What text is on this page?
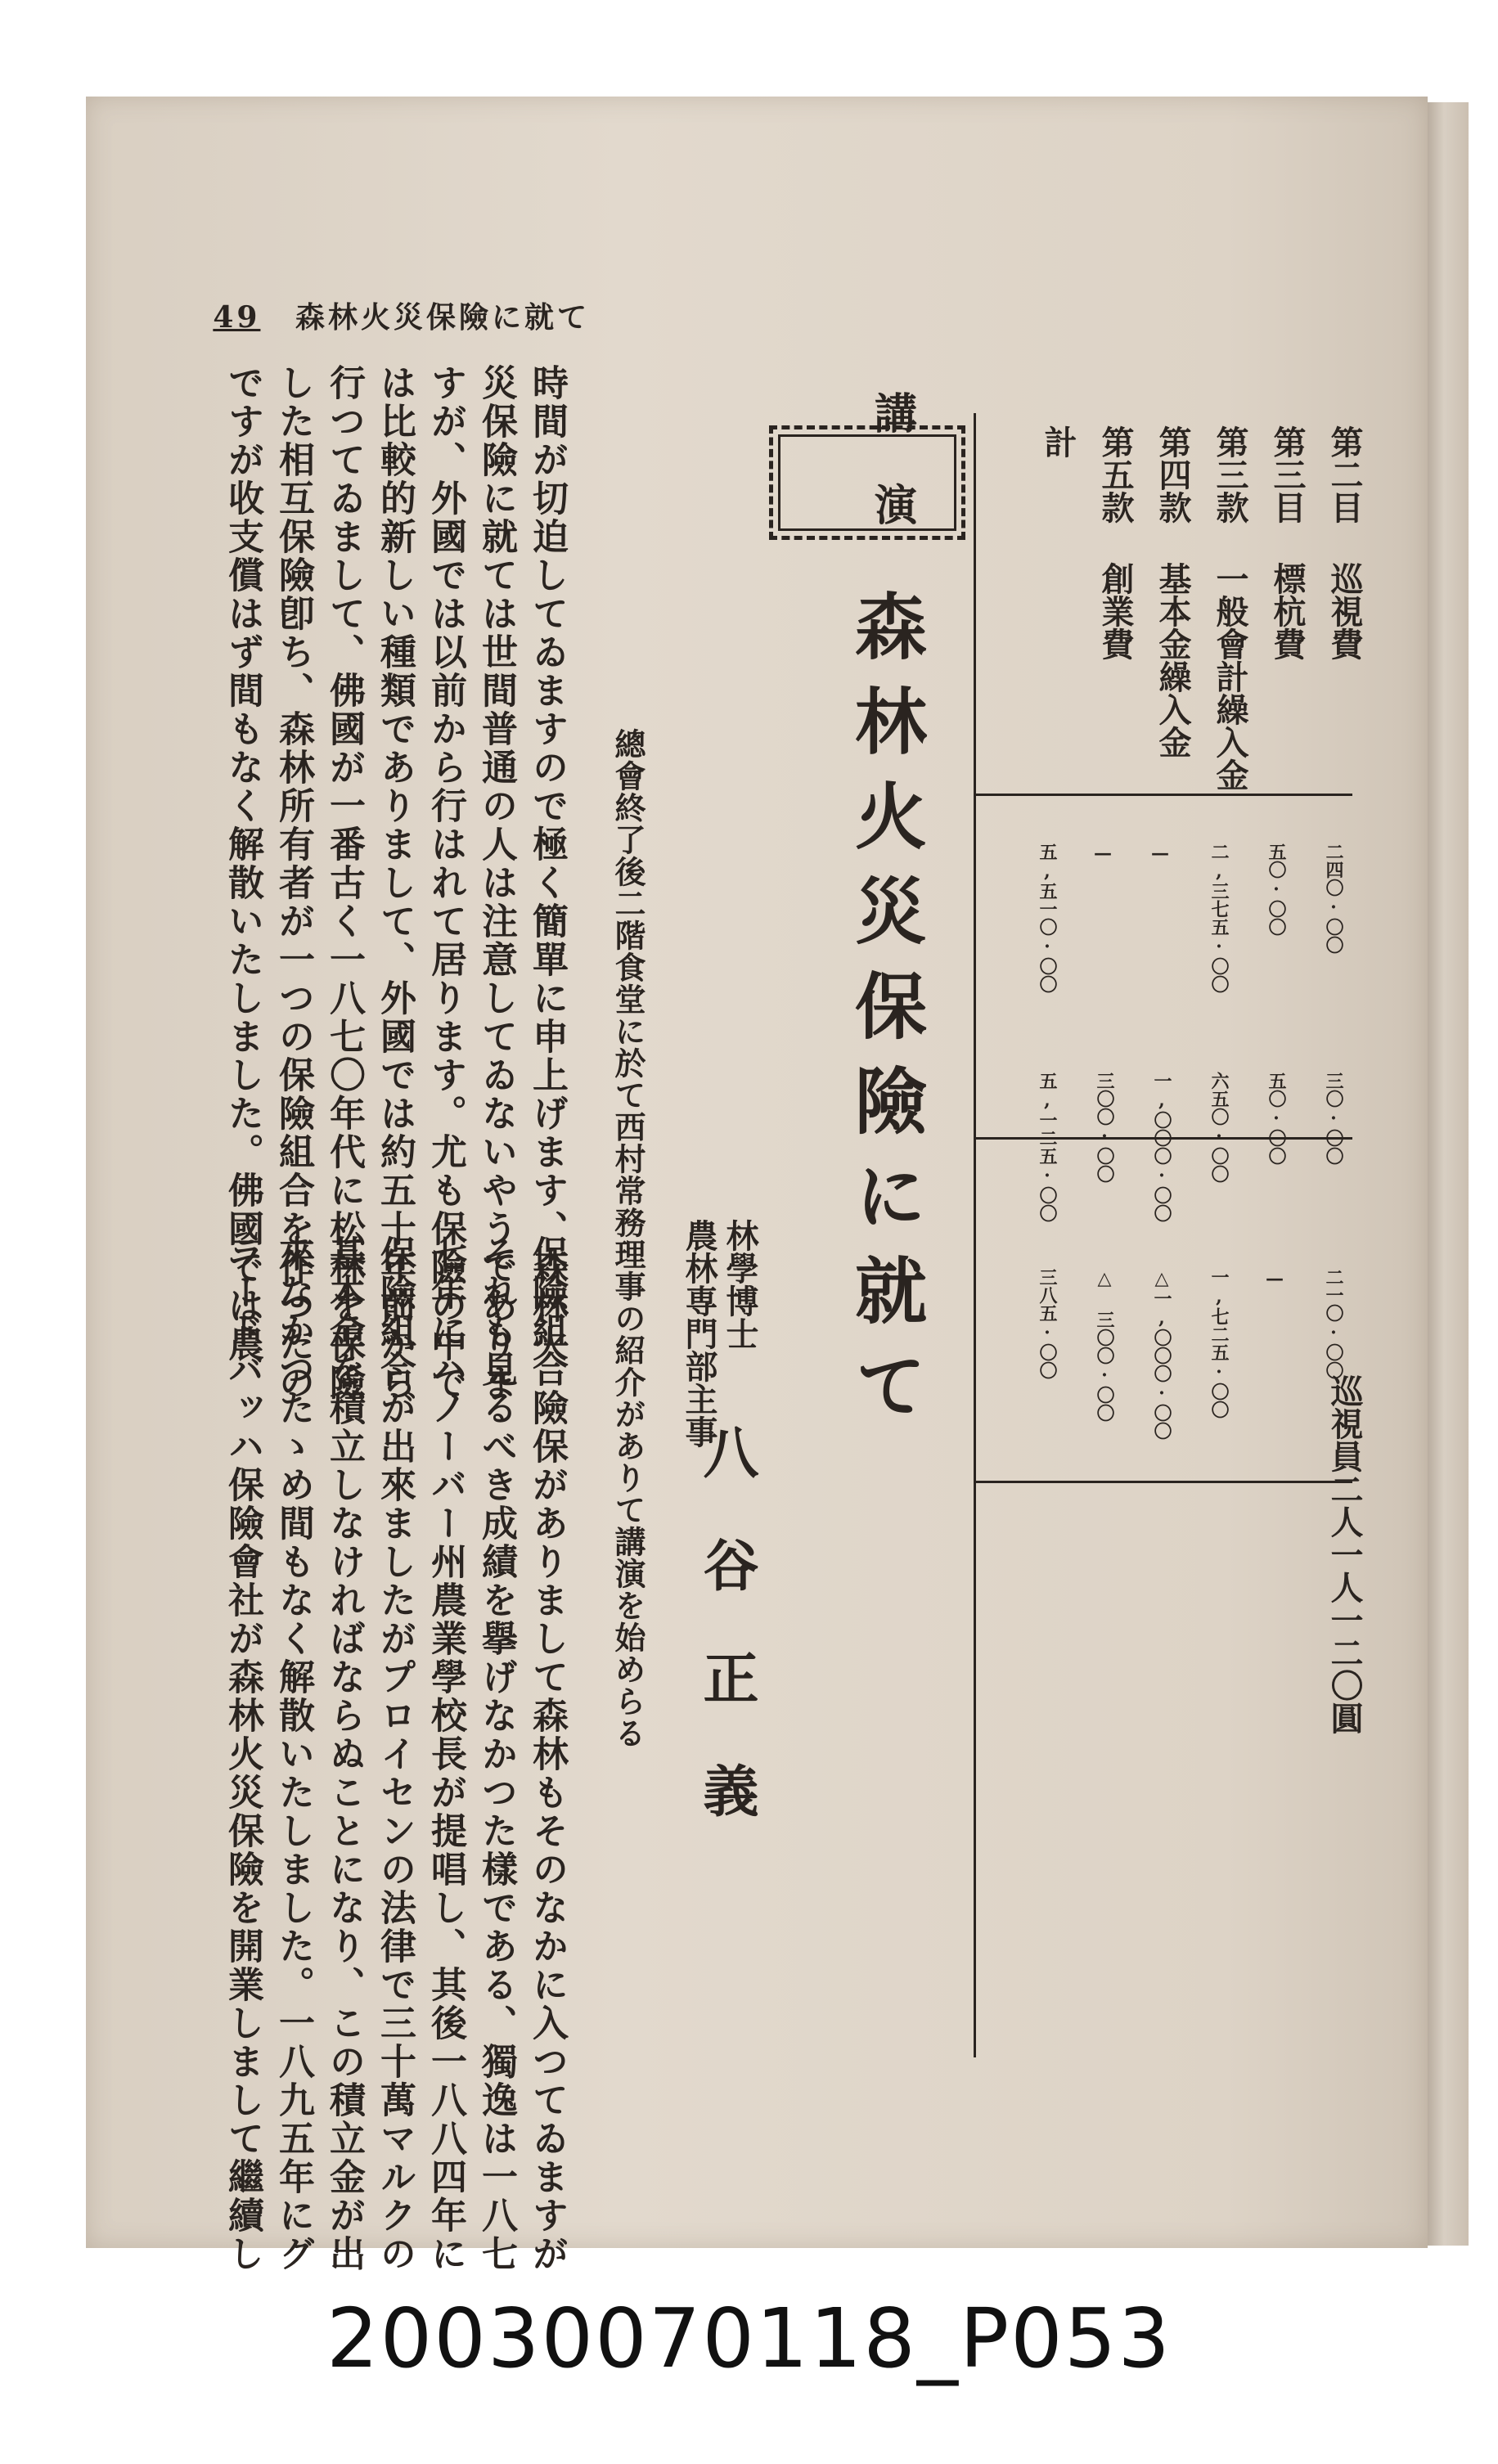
49 森林火災保險に就て
第二目 巡視費
二四〇·〇〇
三〇·〇〇
二一〇·〇〇
巡視員二人一人一二〇圓
第三目 標杭費
五〇·〇〇
五〇·〇〇
—
第三款 一般會計繰入金
二,三七五·〇〇
六五〇·〇〇
一,七二五·〇〇
第四款 基本金繰入金
—
一,〇〇〇·〇〇
△一,〇〇〇·〇〇
第五款 創業費
—
三〇〇·〇〇
△ 三〇〇·〇〇
計
五,五一〇·〇〇
五,一二五·〇〇
三八五·〇〇
講演
森林火災保險に就て
農林専門部主事 林學博士
八谷正義
總會終了後二階食堂に於て西村常務理事の紹介がありて講演を始めらる
時間が切迫してゐますので極く簡單に申上げます、森林火
災保險に就ては世間普通の人は注意してゐないやうでありま
すが、外國では以前から行はれて居ります。尤も保險の中で
は比較的新しい種類でありまして、外國では約五十年前から
行つてゐまして、佛國が一番古く一八七〇年代に松林を保險
した相互保險卽ち、森林所有者が一つの保險組合を作つたの
ですが收支償はず間もなく解散いたしました。佛國では農
保險組合險保がありまして森林もそのなかに入つてゐますが
それも見るべき成績を擧げなかつた樣である、獨逸は一八七
七年にハノーバー州農業學校長が提唱し、其後一八八四年に
保險組合が出來ましたがプロイセンの法律で三十萬マルクの
基本金を積立しなければならぬことになり、この積立金が出
來なかつたゝめ間もなく解散いたしました。一八九五年にグ
ラードバッハ保險會社が森林火災保險を開業しまして繼續し
20030070118_P053
